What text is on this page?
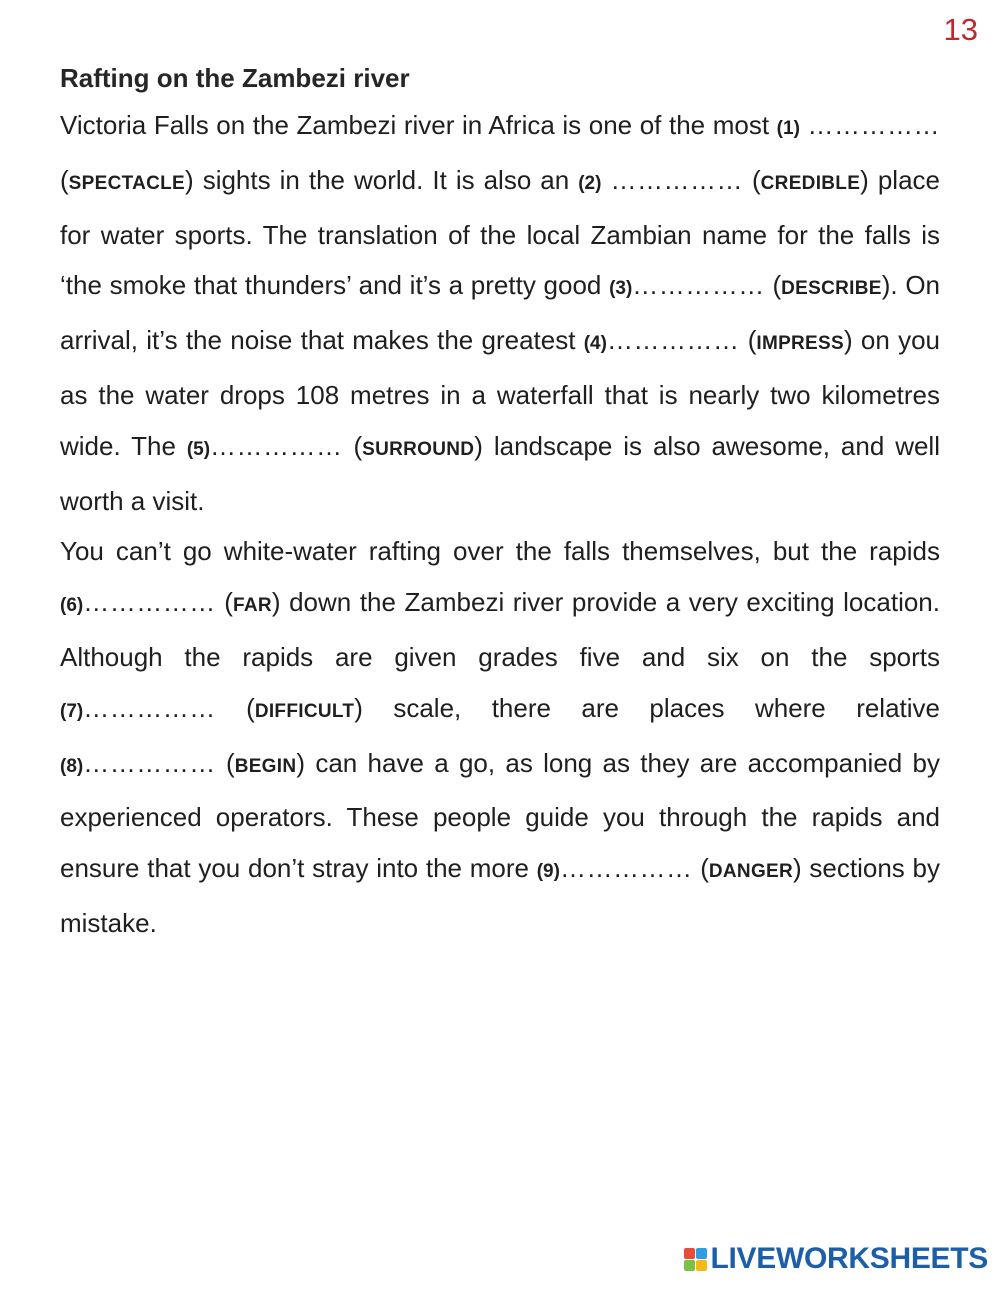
13
Rafting on the Zambezi river

Victoria Falls on the Zambezi river in Africa is one of the most (1) …………… (SPECTACLE) sights in the world. It is also an (2) …………… (CREDIBLE) place for water sports. The translation of the local Zambian name for the falls is ‘the smoke that thunders’ and it’s a pretty good (3)…………… (DESCRIBE). On arrival, it’s the noise that makes the greatest (4)…………… (IMPRESS) on you as the water drops 108 metres in a waterfall that is nearly two kilometres wide. The (5)…………… (SURROUND) landscape is also awesome, and well worth a visit.

You can’t go white-water rafting over the falls themselves, but the rapids (6)…………… (FAR) down the Zambezi river provide a very exciting location. Although the rapids are given grades five and six on the sports (7)…………… (DIFFICULT) scale, there are places where relative (8)…………… (BEGIN) can have a go, as long as they are accompanied by experienced operators. These people guide you through the rapids and ensure that you don’t stray into the more (9)…………… (DANGER) sections by mistake.

LIVEWORKSHEETS
